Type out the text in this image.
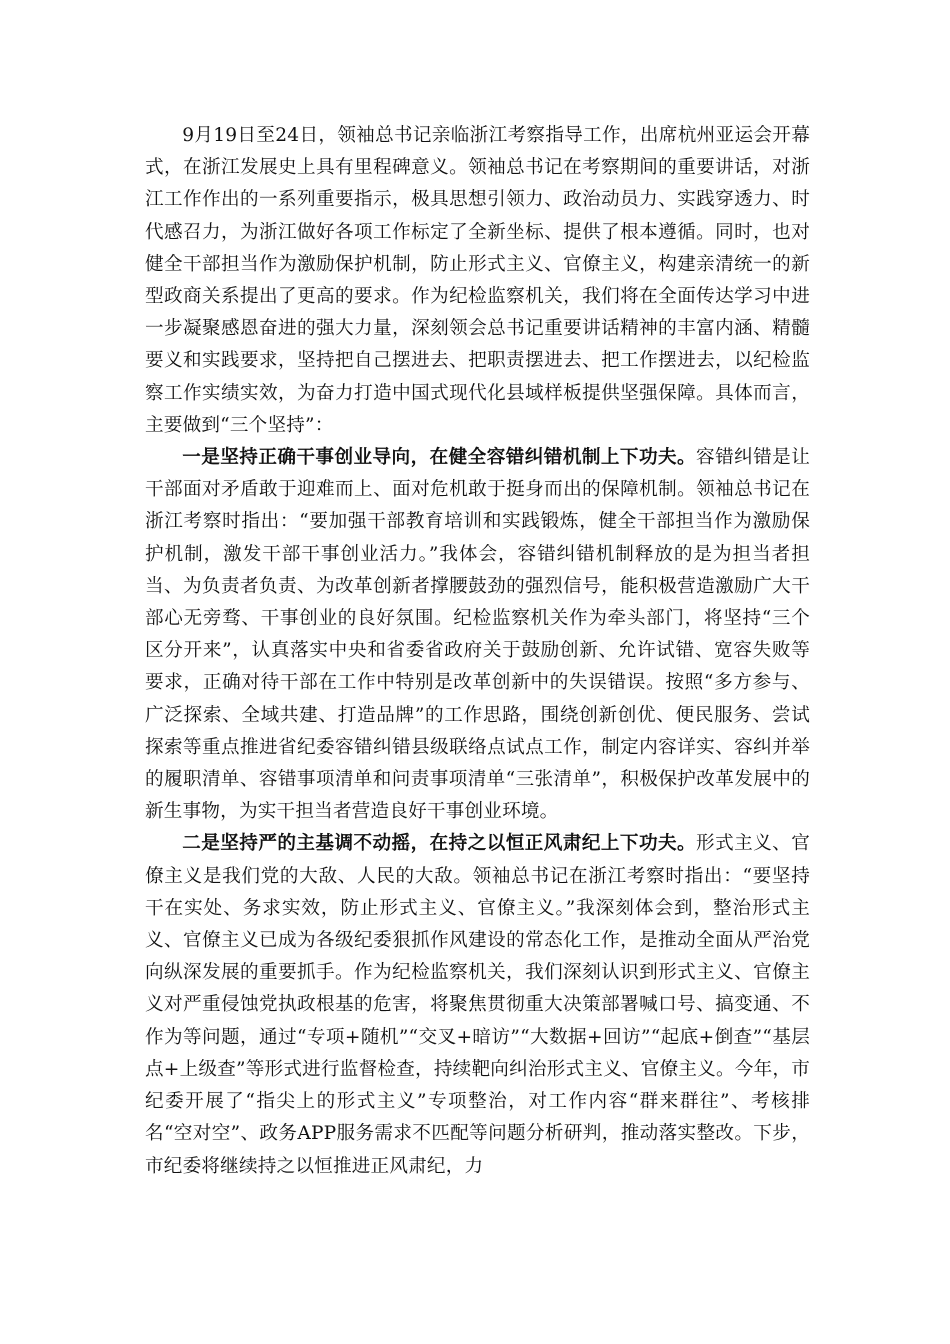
9月19日至24日，领袖总书记亲临浙江考察指导工作，出席杭州亚运会开幕式，在浙江发展史上具有里程碑意义。领袖总书记在考察期间的重要讲话，对浙江工作作出的一系列重要指示，极具思想引领力、政治动员力、实践穿透力、时代感召力，为浙江做好各项工作标定了全新坐标、提供了根本遵循。同时，也对健全干部担当作为激励保护机制，防止形式主义、官僚主义，构建亲清统一的新型政商关系提出了更高的要求。作为纪检监察机关，我们将在全面传达学习中进一步凝聚感恩奋进的强大力量，深刻领会总书记重要讲话精神的丰富内涵、精髓要义和实践要求，坚持把自己摆进去、把职责摆进去、把工作摆进去，以纪检监察工作实绩实效，为奋力打造中国式现代化县域样板提供坚强保障。具体而言，主要做到“三个坚持”：

一是坚持正确干事创业导向，在健全容错纠错机制上下功夫。容错纠错是让干部面对矛盾敢于迎难而上、面对危机敢于挺身而出的保障机制。领袖总书记在浙江考察时指出：“要加强干部教育培训和实践锻炼，健全干部担当作为激励保护机制，激发干部干事创业活力。”我体会，容错纠错机制释放的是为担当者担当、为负责者负责、为改革创新者撑腰鼓劲的强烈信号，能积极营造激励广大干部心无旁骛、干事创业的良好氛围。纪检监察机关作为牵头部门，将坚持“三个区分开来”，认真落实中央和省委省政府关于鼓励创新、允许试错、宽容失败等要求，正确对待干部在工作中特别是改革创新中的失误错误。按照“多方参与、广泛探索、全域共建、打造品牌”的工作思路，围绕创新创优、便民服务、尝试探索等重点推进省纪委容错纠错县级联络点试点工作，制定内容详实、容纠并举的履职清单、容错事项清单和问责事项清单“三张清单”，积极保护改革发展中的新生事物，为实干担当者营造良好干事创业环境。

二是坚持严的主基调不动摇，在持之以恒正风肃纪上下功夫。形式主义、官僚主义是我们党的大敌、人民的大敌。领袖总书记在浙江考察时指出：“要坚持干在实处、务求实效，防止形式主义、官僚主义。”我深刻体会到，整治形式主义、官僚主义已成为各级纪委狠抓作风建设的常态化工作，是推动全面从严治党向纵深发展的重要抓手。作为纪检监察机关，我们深刻认识到形式主义、官僚主义对严重侵蚀党执政根基的危害，将聚焦贯彻重大决策部署喊口号、搞变通、不作为等问题，通过“专项+随机”“交叉+暗访”“大数据+回访”“起底+倒查”“基层点+上级查”等形式进行监督检查，持续靶向纠治形式主义、官僚主义。今年，市纪委开展了“指尖上的形式主义”专项整治，对工作内容“群来群往”、考核排名“空对空”、政务APP服务需求不匹配等问题分析研判，推动落实整改。下步，市纪委将继续持之以恒推进正风肃纪，力
